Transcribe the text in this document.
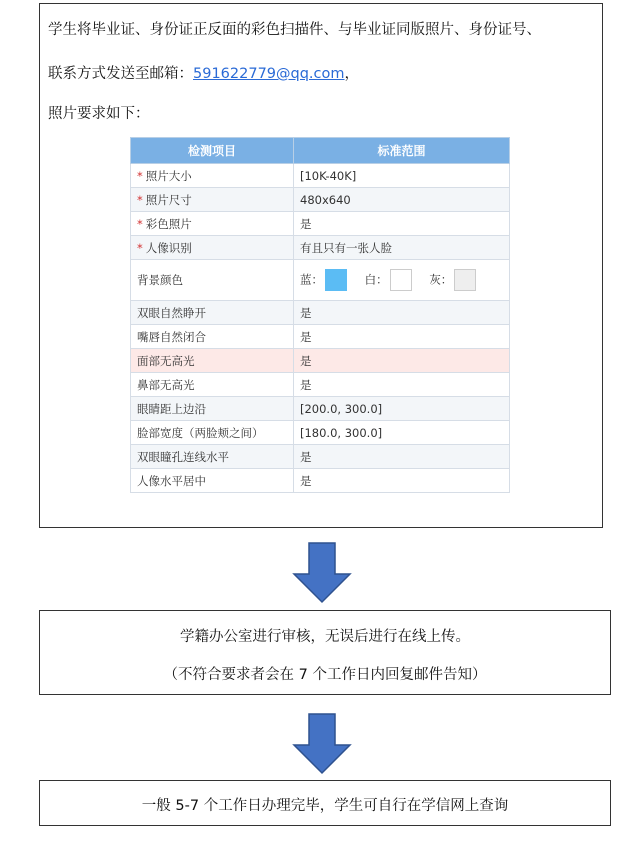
学生将毕业证、身份证正反面的彩色扫描件、与毕业证同版照片、身份证号、
联系方式发送至邮箱：591622779@qq.com，
照片要求如下：
检测项目	标准范围
* 照片大小	[10K-40K]
* 照片尺寸	480x640
* 彩色照片	是
* 人像识别	有且只有一张人脸
背景颜色	蓝： 白： 灰：
双眼自然睁开	是
嘴唇自然闭合	是
面部无高光	是
鼻部无高光	是
眼睛距上边沿	[200.0, 300.0]
脸部宽度（两脸颊之间）	[180.0, 300.0]
双眼瞳孔连线水平	是
人像水平居中	是
学籍办公室进行审核，无误后进行在线上传。
（不符合要求者会在 7 个工作日内回复邮件告知）
一般 5-7 个工作日办理完毕，学生可自行在学信网上查询
